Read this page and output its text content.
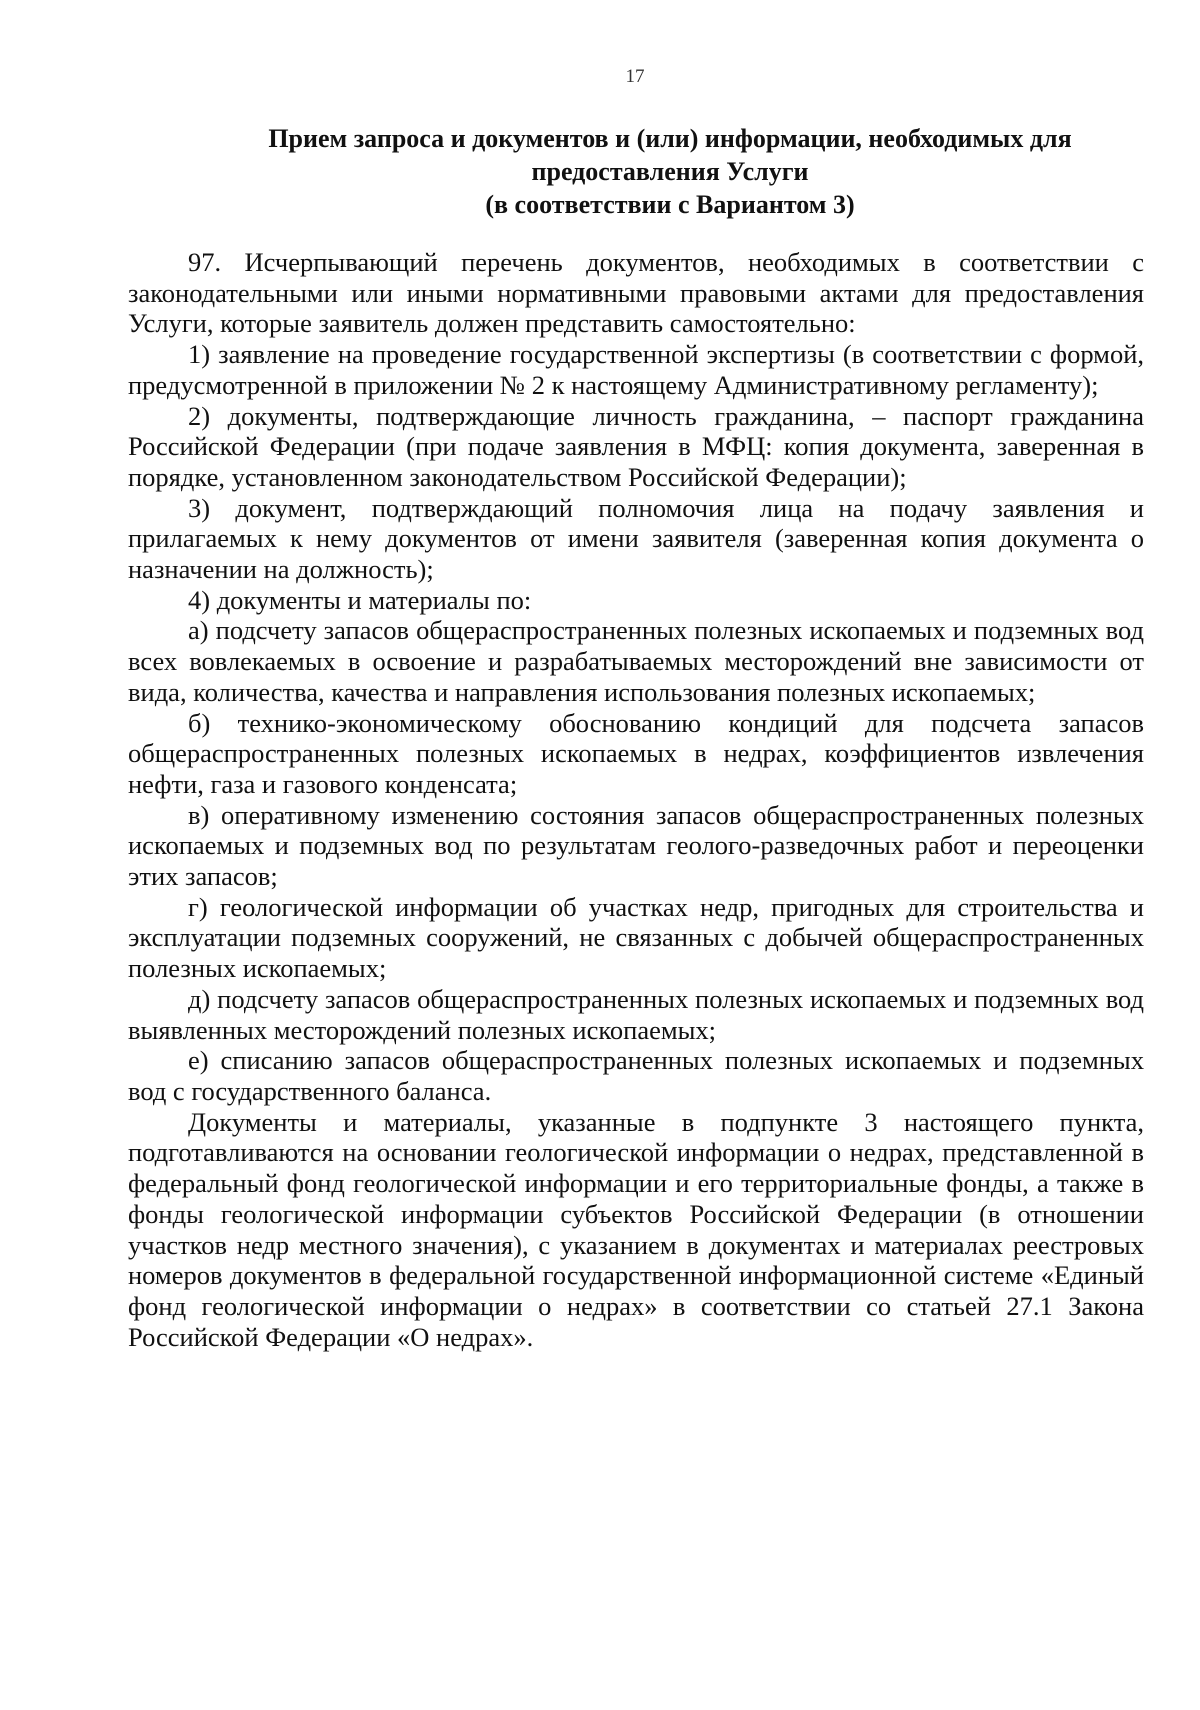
17
Прием запроса и документов и (или) информации, необходимых для
предоставления Услуги
(в соответствии с Вариантом 3)

97. Исчерпывающий перечень документов, необходимых в соответствии с законодательными или иными нормативными правовыми актами для предоставления Услуги, которые заявитель должен представить самостоятельно:

1) заявление на проведение государственной экспертизы (в соответствии с формой, предусмотренной в приложении № 2 к настоящему Административному регламенту);

2) документы, подтверждающие личность гражданина, – паспорт гражданина Российской Федерации (при подаче заявления в МФЦ: копия документа, заверенная в порядке, установленном законодательством Российской Федерации);

3) документ, подтверждающий полномочия лица на подачу заявления и прилагаемых к нему документов от имени заявителя (заверенная копия документа о назначении на должность);

4) документы и материалы по:

а) подсчету запасов общераспространенных полезных ископаемых и подземных вод всех вовлекаемых в освоение и разрабатываемых месторождений вне зависимости от вида, количества, качества и направления использования полезных ископаемых;

б) технико-экономическому обоснованию кондиций для подсчета запасов общераспространенных полезных ископаемых в недрах, коэффициентов извлечения нефти, газа и газового конденсата;

в) оперативному изменению состояния запасов общераспространенных полезных ископаемых и подземных вод по результатам геолого-разведочных работ и переоценки этих запасов;

г) геологической информации об участках недр, пригодных для строительства и эксплуатации подземных сооружений, не связанных с добычей общераспространенных полезных ископаемых;

д) подсчету запасов общераспространенных полезных ископаемых и подземных вод выявленных месторождений полезных ископаемых;

е) списанию запасов общераспространенных полезных ископаемых и подземных вод с государственного баланса.

Документы и материалы, указанные в подпункте 3 настоящего пункта, подготавливаются на основании геологической информации о недрах, представленной в федеральный фонд геологической информации и его территориальные фонды, а также в фонды геологической информации субъектов Российской Федерации (в отношении участков недр местного значения), с указанием в документах и материалах реестровых номеров документов в федеральной государственной информационной системе «Единый фонд геологической информации о недрах» в соответствии со статьей 27.1 Закона Российской Федерации «О недрах».
